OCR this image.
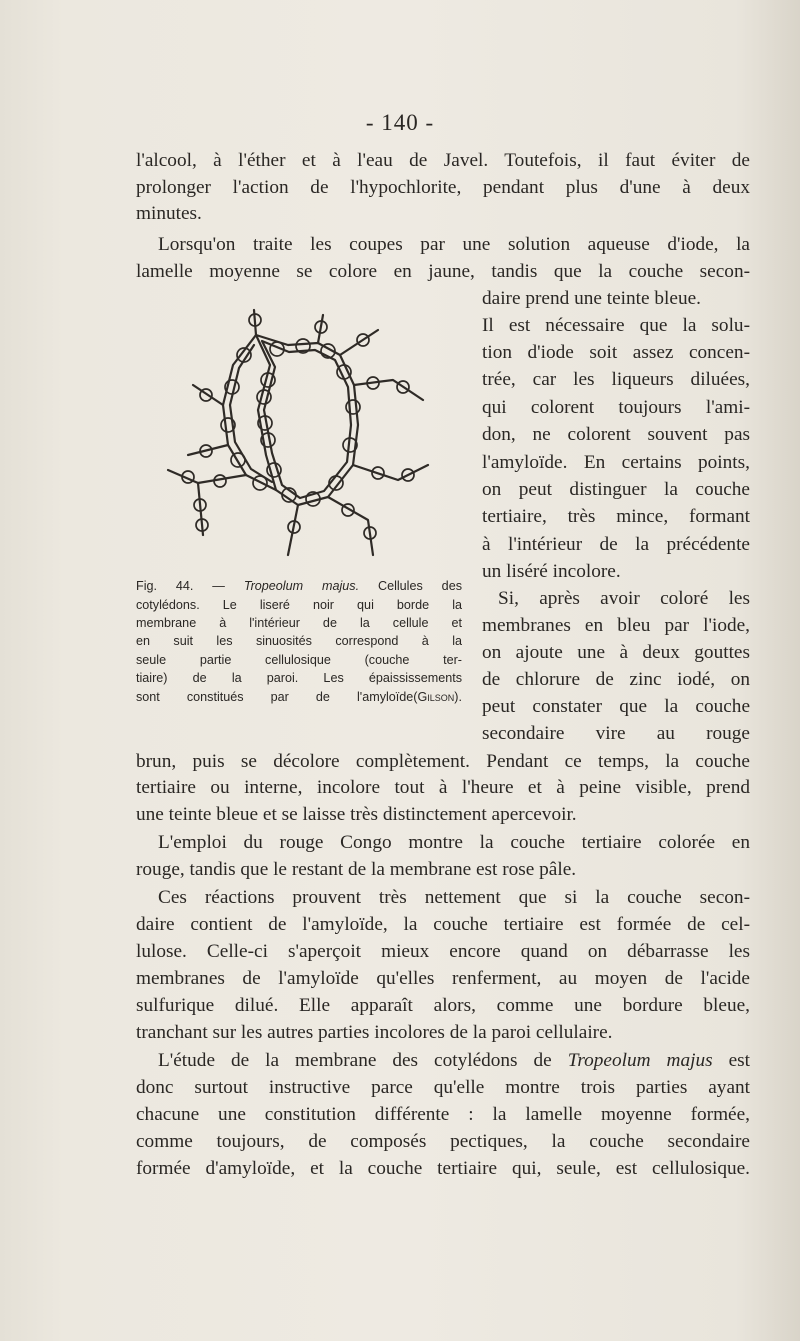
- 140 -

l'alcool, à l'éther et à l'eau de Javel. Toutefois, il faut éviter de

prolonger l'action de l'hypochlorite, pendant plus d'une à deux

minutes.

Lorsqu'on traite les coupes par une solution aqueuse d'iode, la

lamelle moyenne se colore en jaune, tandis que la couche secon-

daire prend une teinte bleue.

Il est nécessaire que la solu-

tion d'iode soit assez concen-

trée, car les liqueurs diluées,

qui colorent toujours l'ami-

don, ne colorent souvent pas

l'amyloïde. En certains points,

on peut distinguer la couche

tertiaire, très mince, formant

à l'intérieur de la précédente

un liséré incolore.

Si, après avoir coloré les

membranes en bleu par l'iode,

on ajoute une à deux gouttes

de chlorure de zinc iodé, on

peut constater que la couche

secondaire vire au rouge

Fig. 44. — Tropeolum majus. Cellules des

cotylédons. Le liseré noir qui borde la

membrane à l'intérieur de la cellule et

en suit les sinuosités correspond à la

seule partie cellulosique (couche ter-

tiaire) de la paroi. Les épaississements

sont constitués par de l'amyloïde(Gilson).

brun, puis se décolore complètement. Pendant ce temps, la couche

tertiaire ou interne, incolore tout à l'heure et à peine visible, prend

une teinte bleue et se laisse très distinctement apercevoir.

L'emploi du rouge Congo montre la couche tertiaire colorée en

rouge, tandis que le restant de la membrane est rose pâle.

Ces réactions prouvent très nettement que si la couche secon-

daire contient de l'amyloïde, la couche tertiaire est formée de cel-

lulose. Celle-ci s'aperçoit mieux encore quand on débarrasse les

membranes de l'amyloïde qu'elles renferment, au moyen de l'acide

sulfurique dilué. Elle apparaît alors, comme une bordure bleue,

tranchant sur les autres parties incolores de la paroi cellulaire.

L'étude de la membrane des cotylédons de Tropeolum majus est

donc surtout instructive parce qu'elle montre trois parties ayant

chacune une constitution différente : la lamelle moyenne formée,

comme toujours, de composés pectiques, la couche secondaire

formée d'amyloïde, et la couche tertiaire qui, seule, est cellulosique.
